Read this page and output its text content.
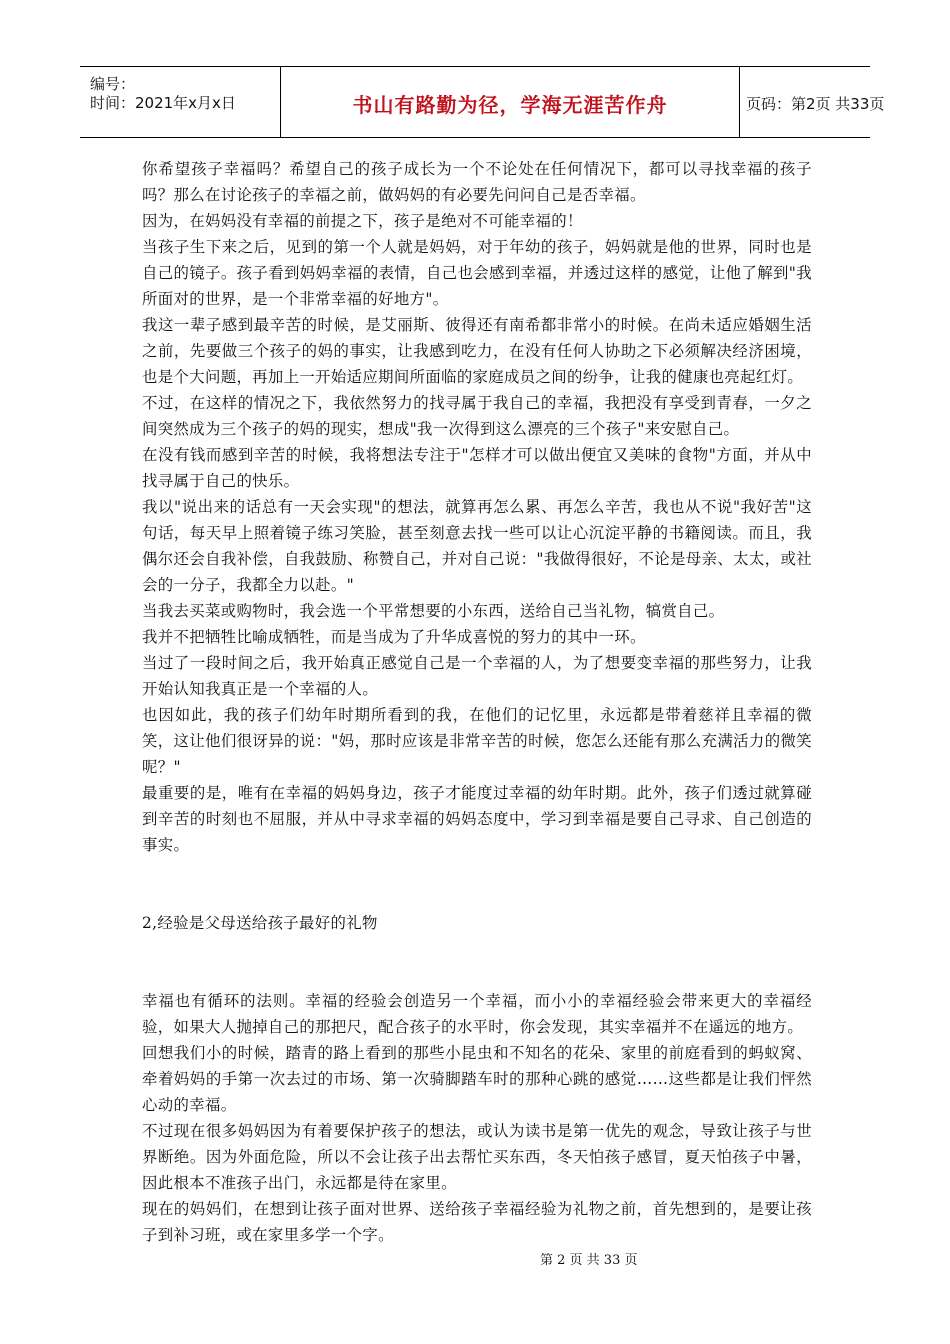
编号：
时间：2021年x月x日	书山有路勤为径，学海无涯苦作舟	页码：第2页 共33页

你希望孩子幸福吗？希望自己的孩子成长为一个不论处在任何情况下，都可以寻找幸福的孩子吗？那么在讨论孩子的幸福之前，做妈妈的有必要先问问自己是否幸福。

因为，在妈妈没有幸福的前提之下，孩子是绝对不可能幸福的！

当孩子生下来之后，见到的第一个人就是妈妈，对于年幼的孩子，妈妈就是他的世界，同时也是自己的镜子。孩子看到妈妈幸福的表情，自己也会感到幸福，并透过这样的感觉，让他了解到"我所面对的世界，是一个非常幸福的好地方"。

我这一辈子感到最辛苦的时候，是艾丽斯、彼得还有南希都非常小的时候。在尚未适应婚姻生活之前，先要做三个孩子的妈的事实，让我感到吃力，在没有任何人协助之下必须解决经济困境，也是个大问题，再加上一开始适应期间所面临的家庭成员之间的纷争，让我的健康也亮起红灯。

不过，在这样的情况之下，我依然努力的找寻属于我自己的幸福，我把没有享受到青春，一夕之间突然成为三个孩子的妈的现实，想成"我一次得到这么漂亮的三个孩子"来安慰自己。

在没有钱而感到辛苦的时候，我将想法专注于"怎样才可以做出便宜又美味的食物"方面，并从中找寻属于自己的快乐。

我以"说出来的话总有一天会实现"的想法，就算再怎么累、再怎么辛苦，我也从不说"我好苦"这句话，每天早上照着镜子练习笑脸，甚至刻意去找一些可以让心沉淀平静的书籍阅读。而且，我偶尔还会自我补偿，自我鼓励、称赞自己，并对自己说："我做得很好，不论是母亲、太太，或社会的一分子，我都全力以赴。"

当我去买菜或购物时，我会选一个平常想要的小东西，送给自己当礼物，犒赏自己。

我并不把牺牲比喻成牺牲，而是当成为了升华成喜悦的努力的其中一环。

当过了一段时间之后，我开始真正感觉自己是一个幸福的人，为了想要变幸福的那些努力，让我开始认知我真正是一个幸福的人。

也因如此，我的孩子们幼年时期所看到的我，在他们的记忆里，永远都是带着慈祥且幸福的微笑，这让他们很讶异的说："妈，那时应该是非常辛苦的时候，您怎么还能有那么充满活力的微笑呢？"

最重要的是，唯有在幸福的妈妈身边，孩子才能度过幸福的幼年时期。此外，孩子们透过就算碰到辛苦的时刻也不屈服，并从中寻求幸福的妈妈态度中，学习到幸福是要自己寻求、自己创造的事实。

2,经验是父母送给孩子最好的礼物

幸福也有循环的法则。幸福的经验会创造另一个幸福，而小小的幸福经验会带来更大的幸福经验，如果大人抛掉自己的那把尺，配合孩子的水平时，你会发现，其实幸福并不在遥远的地方。

回想我们小的时候，踏青的路上看到的那些小昆虫和不知名的花朵、家里的前庭看到的蚂蚁窝、牵着妈妈的手第一次去过的市场、第一次骑脚踏车时的那种心跳的感觉……这些都是让我们怦然心动的幸福。

不过现在很多妈妈因为有着要保护孩子的想法，或认为读书是第一优先的观念，导致让孩子与世界断绝。因为外面危险，所以不会让孩子出去帮忙买东西，冬天怕孩子感冒，夏天怕孩子中暑，因此根本不准孩子出门，永远都是待在家里。

现在的妈妈们，在想到让孩子面对世界、送给孩子幸福经验为礼物之前，首先想到的，是要让孩子到补习班，或在家里多学一个字。

第 2 页 共 33 页
